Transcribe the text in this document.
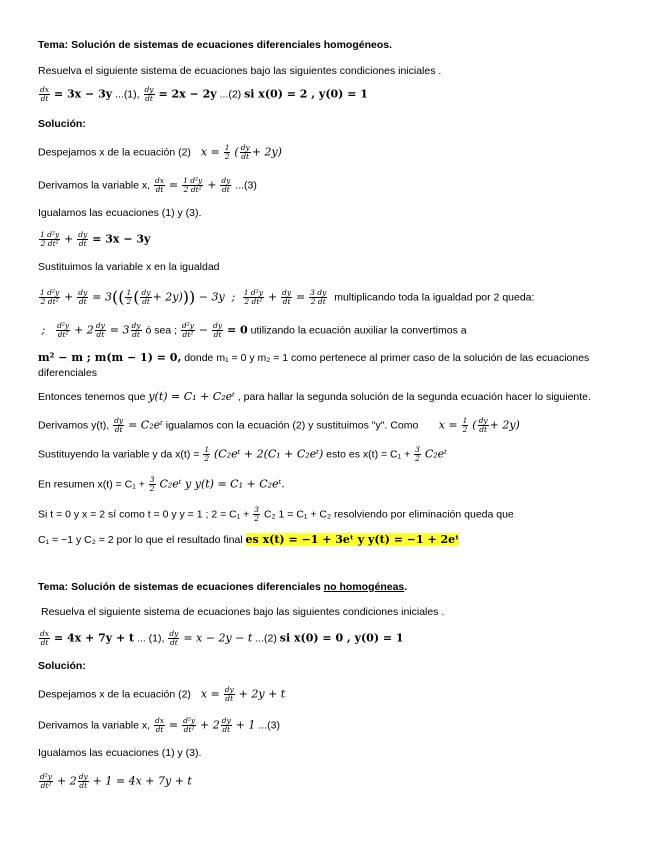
Tema: Solución de sistemas de ecuaciones diferenciales homogéneos.
Resuelva el siguiente sistema de ecuaciones bajo las siguientes condiciones iniciales .
$\frac{dx}{dt} = 3x - 3y$ ...(1), $\frac{dy}{dt} = 2x - 2y$ ...(2) si x(0) = 2 , y(0) = 1
Solución:
Despejamos x de la ecuación (2)   $x = \frac{1}{2}$ ( $\frac{dy}{dt} + 2y$)
Derivamos la variable x, $\frac{dx}{dt} = \frac{\text{1 d²y}}{\text{2 dt²}} + \frac{dy}{dt} ...(3)$
Igualamos las ecuaciones (1) y (3).
$\frac{\text{1 d²y}}{\text{2 dt²}} + \frac{dy}{dt} = 3x - 3y$
Sustituimos la variable x en la igualdad
$\frac{\text{1 d²y}}{\text{2 dt²}} + \frac{dy}{dt} = 3(( \frac{1}{2}$ ( $\frac{dy}{dt} + 2y))) - 3y$  ; $\frac{\text{1 d²y}}{\text{2 dt²}} + \frac{dy}{dt} = \frac{3 dy}{2 dt}$ multiplicando toda la igualdad por 2 queda:
; $\frac{\text{d²y}}{\text{dt²}} + 2 \frac{dy}{dt} = 3 \frac{dy}{dt}$ ó sea ; $\frac{\text{d²y}}{\text{dt²}} - \frac{dy}{dt} = 0$ utilizando la ecuación auxiliar la convertimos a
m² − m ; m(m − 1) = 0, donde m₁ = 0 y m₂ = 1 como pertenece al primer caso de la solución de las ecuaciones
diferenciales
Entonces tenemos que y(t) = C₁ + C₂eᵗ , para hallar la segunda solución de la segunda ecuación hacer lo siguiente.
Derivamos y(t), $\frac{dy}{dt}$ = C₂eᵗ igualamos con la ecuación (2) y sustituimos "y". Como      $x = \frac{1}{2}$ ( $\frac{dy}{dt} + 2y$)
Sustituyendo la variable y da $x(t) = \frac{1}{2}$ (C₂eᵗ + 2(C₁ + C₂eᵗ) esto es $x(t) = C_1 + \frac{3}{2}$ C₂eᵗ
En resumen $x(t) = C_1 + \frac{3}{2}$ C₂eᵗ y y(t) = C₁ + C₂eᵗ.
Si t = 0 y x = 2 sí como t = 0 y y = 1 ; $2 = C_1 + \frac{3}{2} C_2$ 1 = C₁ + C₂ resolviendo por eliminación queda que
C₁ = −1 y C₂ = 2 por lo que el resultado final es x(t) = −1 + 3eᵗ y y(t) = −1 + 2eᵗ
Tema: Solución de sistemas de ecuaciones diferenciales no homogéneas.
Resuelva el siguiente sistema de ecuaciones bajo las siguientes condiciones iniciales .
$\frac{dx}{dt} = 4x + 7y + t$ ... (1), $\frac{dy}{dt} = x - 2y - t$ ...(2) si x(0) = 0 , y(0) = 1
Solución:
Despejamos x de la ecuación (2)   $x = \frac{dy}{dt} + 2y + t$
Derivamos la variable x, $\frac{dx}{dt} = \frac{\text{d²y}}{\text{dt²}} + 2 \frac{dy}{dt} + 1$ ...(3)
Igualamos las ecuaciones (1) y (3).
$\frac{\text{d²y}}{\text{dt²}} + 2 \frac{dy}{dt} + 1 = 4x + 7y + t$
